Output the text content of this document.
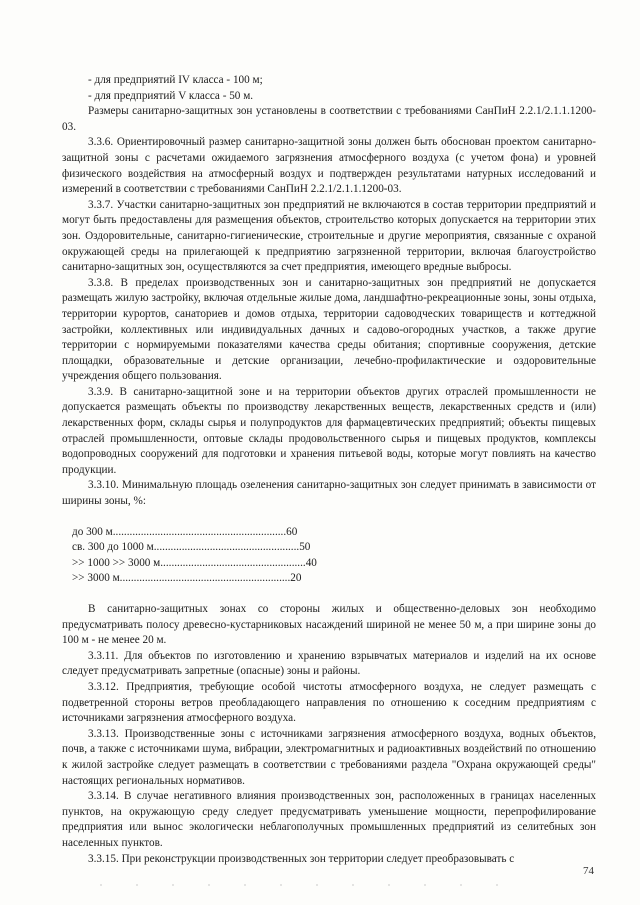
- для предприятий IV класса - 100 м;

- для предприятий V класса - 50 м.

Размеры санитарно-защитных зон установлены в соответствии с требованиями СанПиН 2.2.1/2.1.1.1200-03.

3.3.6. Ориентировочный размер санитарно-защитной зоны должен быть обоснован проектом санитарно-защитной зоны с расчетами ожидаемого загрязнения атмосферного воздуха (с учетом фона) и уровней физического воздействия на атмосферный воздух и подтвержден результатами натурных исследований и измерений в соответствии с требованиями СанПиН 2.2.1/2.1.1.1200-03.

3.3.7. Участки санитарно-защитных зон предприятий не включаются в состав территории предприятий и могут быть предоставлены для размещения объектов, строительство которых допускается на территории этих зон. Оздоровительные, санитарно-гигиенические, строительные и другие мероприятия, связанные с охраной окружающей среды на прилегающей к предприятию загрязненной территории, включая благоустройство санитарно-защитных зон, осуществляются за счет предприятия, имеющего вредные выбросы.

3.3.8. В пределах производственных зон и санитарно-защитных зон предприятий не допускается размещать жилую застройку, включая отдельные жилые дома, ландшафтно-рекреационные зоны, зоны отдыха, территории курортов, санаториев и домов отдыха, территории садоводческих товариществ и коттеджной застройки, коллективных или индивидуальных дачных и садово-огородных участков, а также другие территории с нормируемыми показателями качества среды обитания; спортивные сооружения, детские площадки, образовательные и детские организации, лечебно-профилактические и оздоровительные учреждения общего пользования.

3.3.9. В санитарно-защитной зоне и на территории объектов других отраслей промышленности не допускается размещать объекты по производству лекарственных веществ, лекарственных средств и (или) лекарственных форм, склады сырья и полупродуктов для фармацевтических предприятий; объекты пищевых отраслей промышленности, оптовые склады продовольственного сырья и пищевых продуктов, комплексы водопроводных сооружений для подготовки и хранения питьевой воды, которые могут повлиять на качество продукции.

3.3.10. Минимальную площадь озеленения санитарно-защитных зон следует принимать в зависимости от ширины зоны, %:

до 300 м..............................................................60
св. 300 до 1000 м....................................................50
>> 1000 >> 3000 м....................................................40
>> 3000 м.............................................................20

В санитарно-защитных зонах со стороны жилых и общественно-деловых зон необходимо предусматривать полосу древесно-кустарниковых насаждений шириной не менее 50 м, а при ширине зоны до 100 м - не менее 20 м.

3.3.11. Для объектов по изготовлению и хранению взрывчатых материалов и изделий на их основе следует предусматривать запретные (опасные) зоны и районы.

3.3.12. Предприятия, требующие особой чистоты атмосферного воздуха, не следует размещать с подветренной стороны ветров преобладающего направления по отношению к соседним предприятиям с источниками загрязнения атмосферного воздуха.

3.3.13. Производственные зоны с источниками загрязнения атмосферного воздуха, водных объектов, почв, а также с источниками шума, вибрации, электромагнитных и радиоактивных воздействий по отношению к жилой застройке следует размещать в соответствии с требованиями раздела "Охрана окружающей среды" настоящих региональных нормативов.

3.3.14. В случае негативного влияния производственных зон, расположенных в границах населенных пунктов, на окружающую среду следует предусматривать уменьшение мощности, перепрофилирование предприятия или вынос экологически неблагополучных промышленных предприятий из селитебных зон населенных пунктов.

3.3.15. При реконструкции производственных зон территории следует преобразовывать с

74
